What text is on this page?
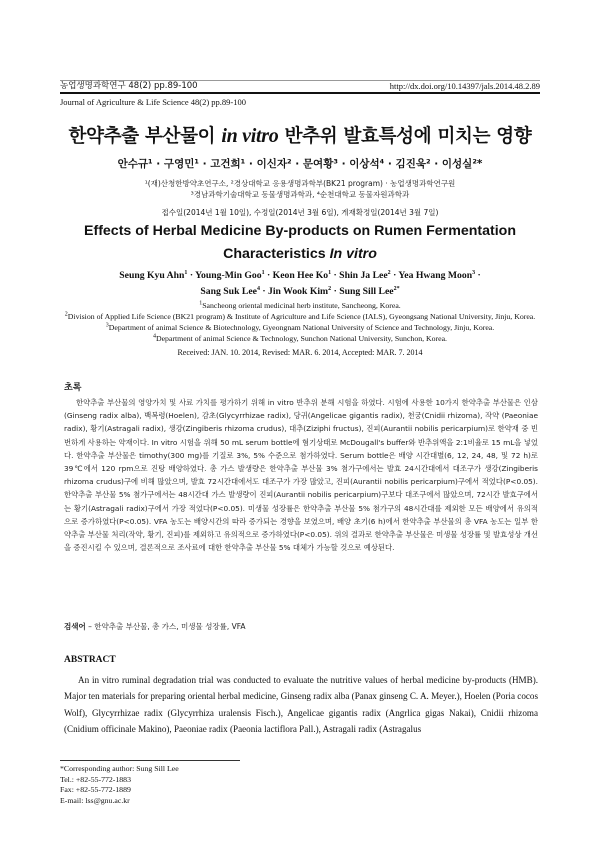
농업생명과학연구 48(2) pp.89-100	http://dx.doi.org/10.14397/jals.2014.48.2.89
Journal of Agriculture & Life Science 48(2) pp.89-100
한약추출 부산물이 in vitro 반추위 발효특성에 미치는 영향
안수규¹ · 구영민¹ · 고건희¹ · 이신자² · 문여황³ · 이상석⁴ · 김진욱² · 이성실²*
¹(재)산청한방약초연구소, ²경상대학교 응용생명과학부(BK21 program) · 농업생명과학연구원
³경남과학기술대학교 동물생명과학과, ⁴순천대학교 동물자원과학과
접수일(2014년 1월 10일), 수정일(2014년 3월 6일), 게재확정일(2014년 3월 7일)
Effects of Herbal Medicine By-products on Rumen Fermentation
Characteristics In vitro
Seung Kyu Ahn$^1$ · Young-Min Goo$^1$ · Keon Hee $Ko^1$ · Shin Ja Lee$^2$ · Yea Hwang Moon$^3$ ·
Sang Suk Lee$^4$ · Jin Wook Kim$^2$ · Sung Sill Lee$^{2*}$
$^1$Sancheong oriental medicinal herb institute, Sancheong, Korea.
$^2$Division of Applied Life Science (BK21 program) & Institute of Agriculture and Life Science (IALS), Gyeongsang National University, Jinju, Korea.
$^3$Department of animal Science & Biotechnology, Gyeongnam National University of Science and Technology, Jinju, Korea.
$^4$Department of animal Science & Technology, Sunchon National University, Sunchon, Korea.
Received: JAN. 10. 2014, Revised: MAR. 6. 2014, Accepted: MAR. 7. 2014
초록

한약추출 부산물의 영양가치 및 사료 가치를 평가하기 위해 in vitro 반추위 분해 시험을 하였다. 시험에 사용한 10가지 한약추출 부산물은 인삼(Ginseng radix alba), 백복령(Hoelen), 감초(Glycyrrhizae radix), 당귀(Angelicae gigantis radix), 천궁(Cnidii rhizoma), 작약 (Paeoniae radix), 황기(Astragali radix), 생강(Zingiberis rhizoma crudus), 대추(Ziziphi fructus), 진피(Aurantii nobilis pericarpium)로 한약재 중 빈번하게 사용하는 약재이다. In vitro 시험을 위해 50 mL serum bottle에 혐기상태로 McDougall's buffer와 반추위액을 2:1비율로 15 mL을 넣었다. 한약추출 부산물은 timothy(300 mg)를 기질로 3%, 5% 수준으로 첨가하였다. Serum bottle은 배양 시간대별(6, 12, 24, 48, 및 72 h)로 39℃에서 120 rpm으로 진탕 배양하였다. 총 가스 발생량은 한약추출 부산물 3% 첨가구에서는 발효 24시간대에서 대조구가 생강(Zingiberis rhizoma crudus)구에 비해 많았으며, 발효 72시간대에서도 대조구가 가장 많았고, 진피(Aurantii nobilis pericarpium)구에서 적었다(P<0.05). 한약추출 부산물 5% 첨가구에서는 48시간대 가스 발생량이 진피(Aurantii nobilis pericarpium)구보다 대조구에서 많았으며, 72시간 발효구에서는 황기(Astragali radix)구에서 가장 적었다(P<0.05). 미생물 성장률은 한약추출 부산물 5% 첨가구의 48시간대를 제외한 모든 배양에서 유의적으로 증가하였다(P<0.05). VFA 농도는 배양시간의 따라 증가되는 경향을 보였으며, 배양 초기(6 h)에서 한약추출 부산물의 총 VFA 농도는 일부 한약추출 부산물 처리(작약, 황기, 진피)를 제외하고 유의적으로 증가하였다(P<0.05). 위의 결과로 한약추출 부산물은 미생물 성장률 및 발효성상 개선을 증진시킬 수 있으며, 결론적으로 조사료에 대한 한약추출 부산물 5% 대체가 가능할 것으로 예상된다.

검색어 – 한약추출 부산물, 총 가스, 미생물 성장률, VFA
ABSTRACT

An in vitro ruminal degradation trial was conducted to evaluate the nutritive values of herbal medicine by-products (HMB). Major ten materials for preparing oriental herbal medicine, Ginseng radix alba (Panax ginseng C. A. Meyer.), Hoelen (Poria cocos Wolf), Glycyrrhizae radix (Glycyrrhiza uralensis Fisch.), Angelicae gigantis radix (Angrlica gigas Nakai), Cnidii rhizoma (Cnidium officinale Makino), Paeoniae radix (Paeonia lactiflora Pall.), Astragali radix (Astragalus

*Corresponding author: Sung Sill Lee
Tel.: +82-55-772-1883
Fax: +82-55-772-1889
E-mail: lss@gnu.ac.kr
